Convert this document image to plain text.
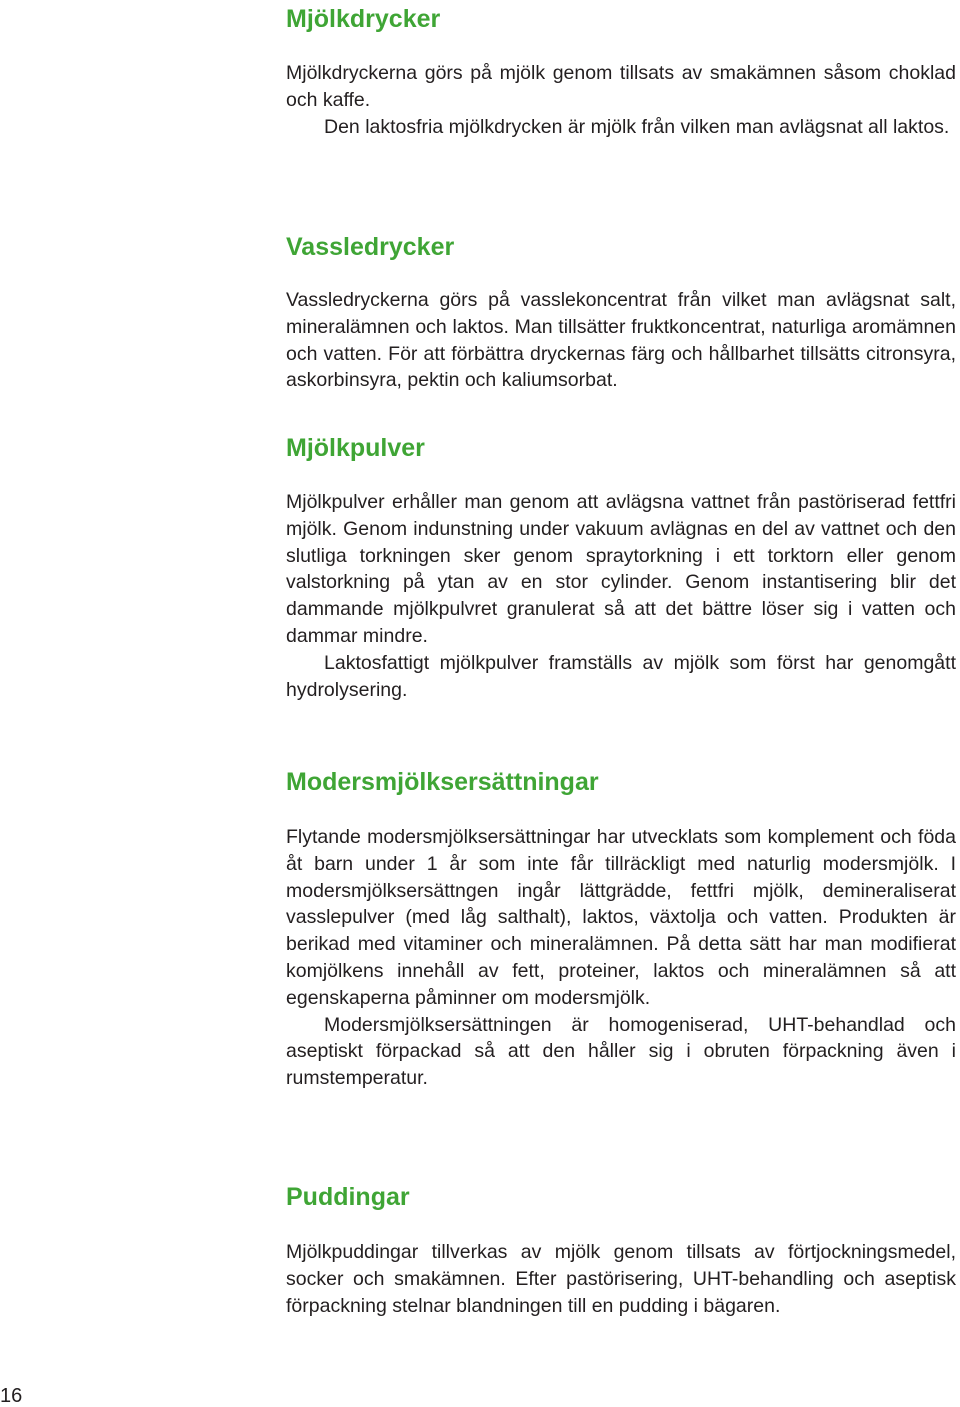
Mjölkdrycker

Mjölkdryckerna görs på mjölk genom tillsats av smakämnen såsom choklad och kaffe.

Den laktosfria mjölkdrycken är mjölk från vilken man avlägsnat all laktos.

Vassledrycker

Vassledryckerna görs på vasslekoncentrat från vilket man avlägsnat salt, mineralämnen och laktos. Man tillsätter fruktkoncentrat, naturliga aromämnen och vatten. För att förbättra dryckernas färg och hållbarhet tillsätts citronsyra, askorbinsyra, pektin och kaliumsorbat.

Mjölkpulver

Mjölkpulver erhåller man genom att avlägsna vattnet från pastöriserad fettfri mjölk. Genom indunstning under vakuum avlägnas en del av vattnet och den slutliga torkningen sker genom spraytorkning i ett torktorn eller genom valstorkning på ytan av en stor cylinder. Genom instantisering blir det dammande mjölkpulvret granulerat så att det bättre löser sig i vatten och dammar mindre.

Laktosfattigt mjölkpulver framställs av mjölk som först har genomgått hydrolysering.

Modersmjölksersättningar

Flytande modersmjölksersättningar har utvecklats som komplement och föda åt barn under 1 år som inte får tillräckligt med naturlig modersmjölk. I modersmjölksersättngen ingår lättgrädde, fettfri mjölk, demineraliserat vasslepulver (med låg salthalt), laktos, växtolja och vatten. Produkten är berikad med vitaminer och mineralämnen. På detta sätt har man modifierat komjölkens innehåll av fett, proteiner, laktos och mineralämnen så att egenskaperna påminner om modersmjölk.

Modersmjölksersättningen är homogeniserad, UHT-behandlad och aseptiskt förpackad så att den håller sig i obruten förpackning även i rumstemperatur.

Puddingar

Mjölkpuddingar tillverkas av mjölk genom tillsats av förtjockningsmedel, socker och smakämnen. Efter pastörisering, UHT-behandling och aseptisk förpackning stelnar blandningen till en pudding i bägaren.

16
